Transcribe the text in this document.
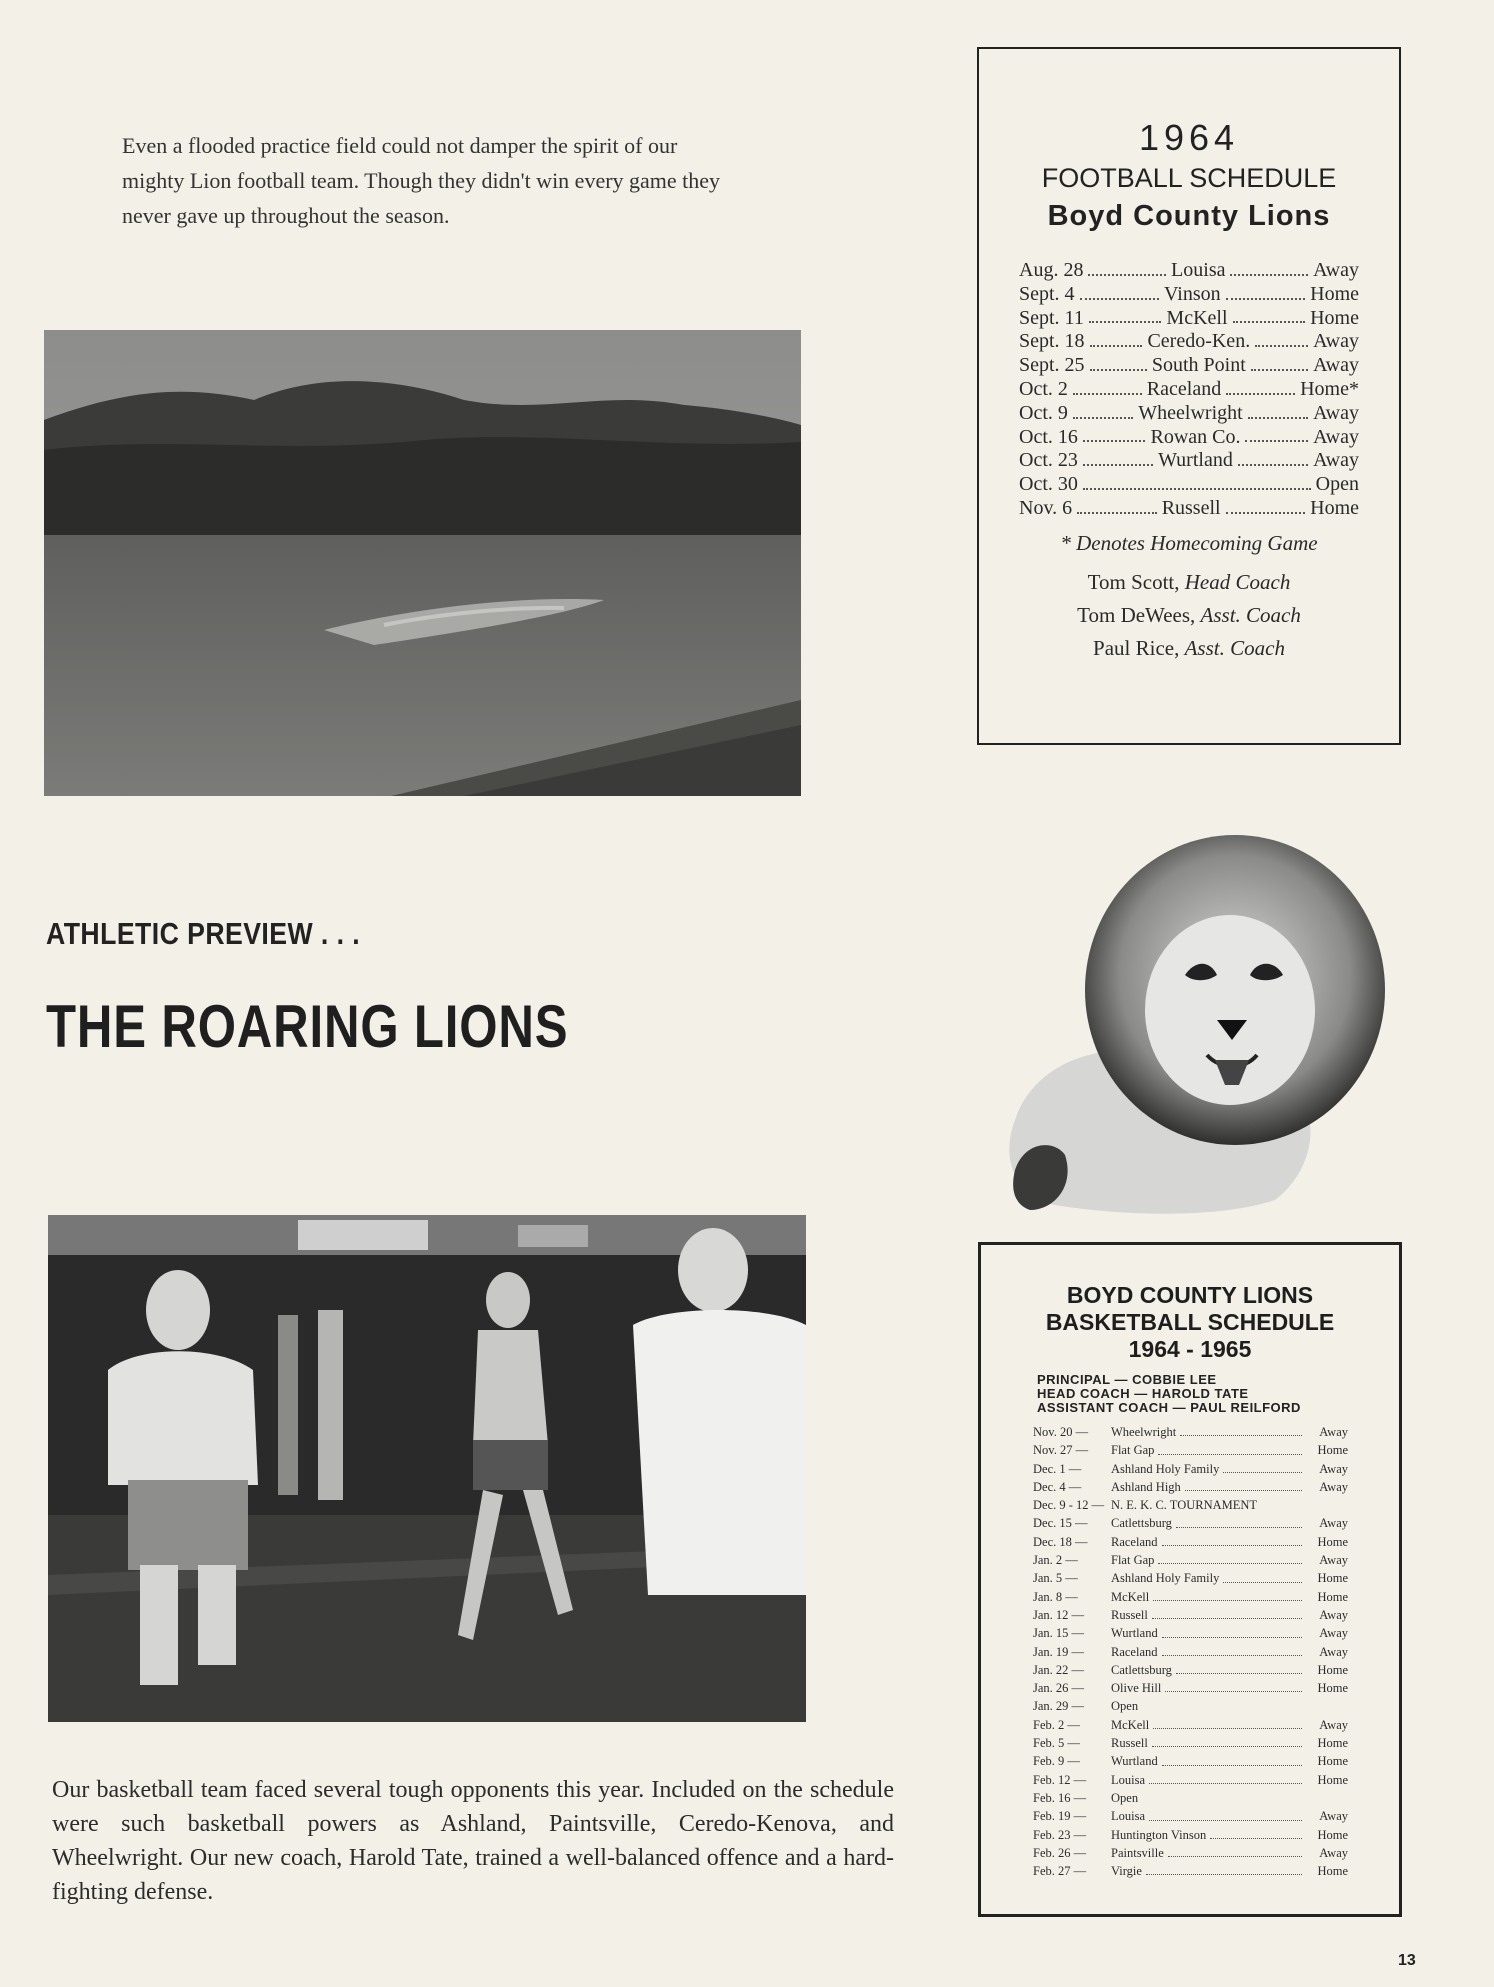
Even a flooded practice field could not damper the spirit of our mighty Lion football team. Though they didn't win every game they never gave up throughout the season.
ATHLETIC PREVIEW . . .
THE ROARING LIONS
Our basketball team faced several tough opponents this year. Included on the schedule were such basketball powers as Ashland, Paintsville, Ceredo-Kenova, and Wheelwright. Our new coach, Harold Tate, trained a well-balanced offence and a hard-fighting defense.
1964
FOOTBALL SCHEDULE
Boyd County Lions
Aug. 28	Louisa	Away
Sept. 4	Vinson	Home
Sept. 11	McKell	Home
Sept. 18	Ceredo-Ken.	Away
Sept. 25	South Point	Away
Oct. 2	Raceland	Home*
Oct. 9	Wheelwright	Away
Oct. 16	Rowan Co.	Away
Oct. 23	Wurtland	Away
Oct. 30	Open
Nov. 6	Russell	Home
* Denotes Homecoming Game
Tom Scott, Head Coach
Tom DeWees, Asst. Coach
Paul Rice, Asst. Coach
BOYD COUNTY LIONS
BASKETBALL SCHEDULE
1964 - 1965
PRINCIPAL — COBBIE LEE
HEAD COACH — HAROLD TATE
ASSISTANT COACH — PAUL REILFORD
Nov. 20 —	Wheelwright	Away
Nov. 27 —	Flat Gap	Home
Dec. 1 —	Ashland Holy Family	Away
Dec. 4 —	Ashland High	Away
Dec. 9 - 12 — N. E. K. C. TOURNAMENT
Dec. 15 —	Catlettsburg	Away
Dec. 18 —	Raceland	Home
Jan. 2 —	Flat Gap	Away
Jan. 5 —	Ashland Holy Family	Home
Jan. 8 —	McKell	Home
Jan. 12 —	Russell	Away
Jan. 15 —	Wurtland	Away
Jan. 19 —	Raceland	Away
Jan. 22 —	Catlettsburg	Home
Jan. 26 —	Olive Hill	Home
Jan. 29 —	Open
Feb. 2 —	McKell	Away
Feb. 5 —	Russell	Home
Feb. 9 —	Wurtland	Home
Feb. 12 —	Louisa	Home
Feb. 16 —	Open
Feb. 19 —	Louisa	Away
Feb. 23 —	Huntington Vinson	Home
Feb. 26 —	Paintsville	Away
Feb. 27 —	Virgie	Home
13
